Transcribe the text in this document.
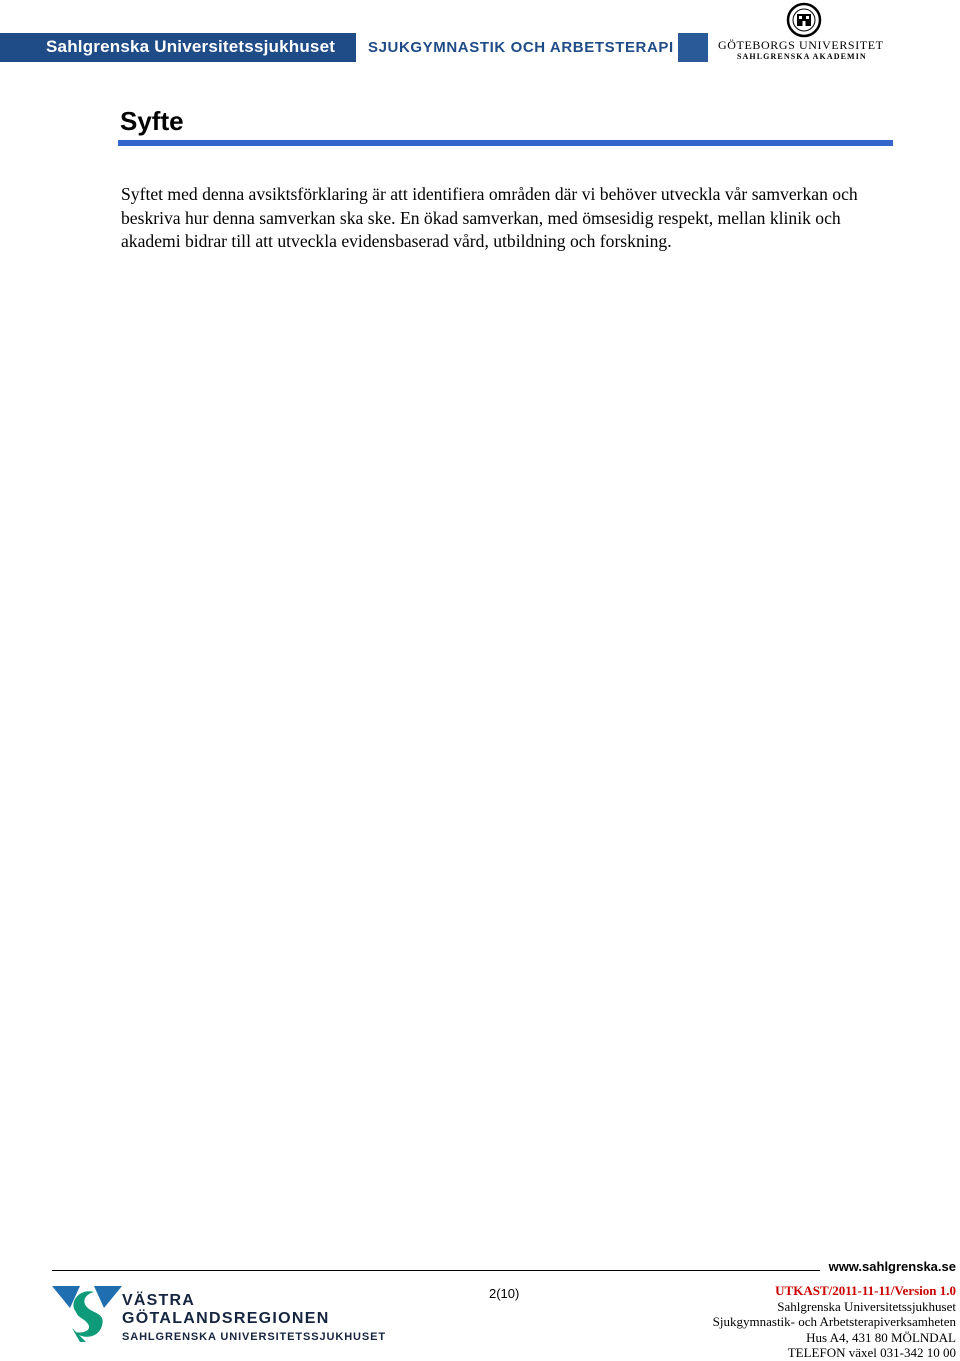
Sahlgrenska Universitetssjukhuset SJUKGYMNASTIK OCH ARBETSTERAPI	GÖTEBORGS UNIVERSITET
SAHLGRENSKA AKADEMIN
Syfte
Syftet med denna avsiktsförklaring är att identifiera områden där vi behöver utveckla vår samverkan och beskriva hur denna samverkan ska ske. En ökad samverkan, med ömsesidig respekt, mellan klinik och akademi bidrar till att utveckla evidensbaserad vård, utbildning och forskning.
www.sahlgrenska.se
2(10)
VÄSTRA
GÖTALANDSREGIONEN
SAHLGRENSKA UNIVERSITETSSJUKHUSET
UTKAST/2011-11-11/Version 1.0
Sahlgrenska Universitetssjukhuset
Sjukgymnastik- och Arbetsterapiverksamheten
Hus A4, 431 80 MÖLNDAL
TELEFON växel 031-342 10 00
